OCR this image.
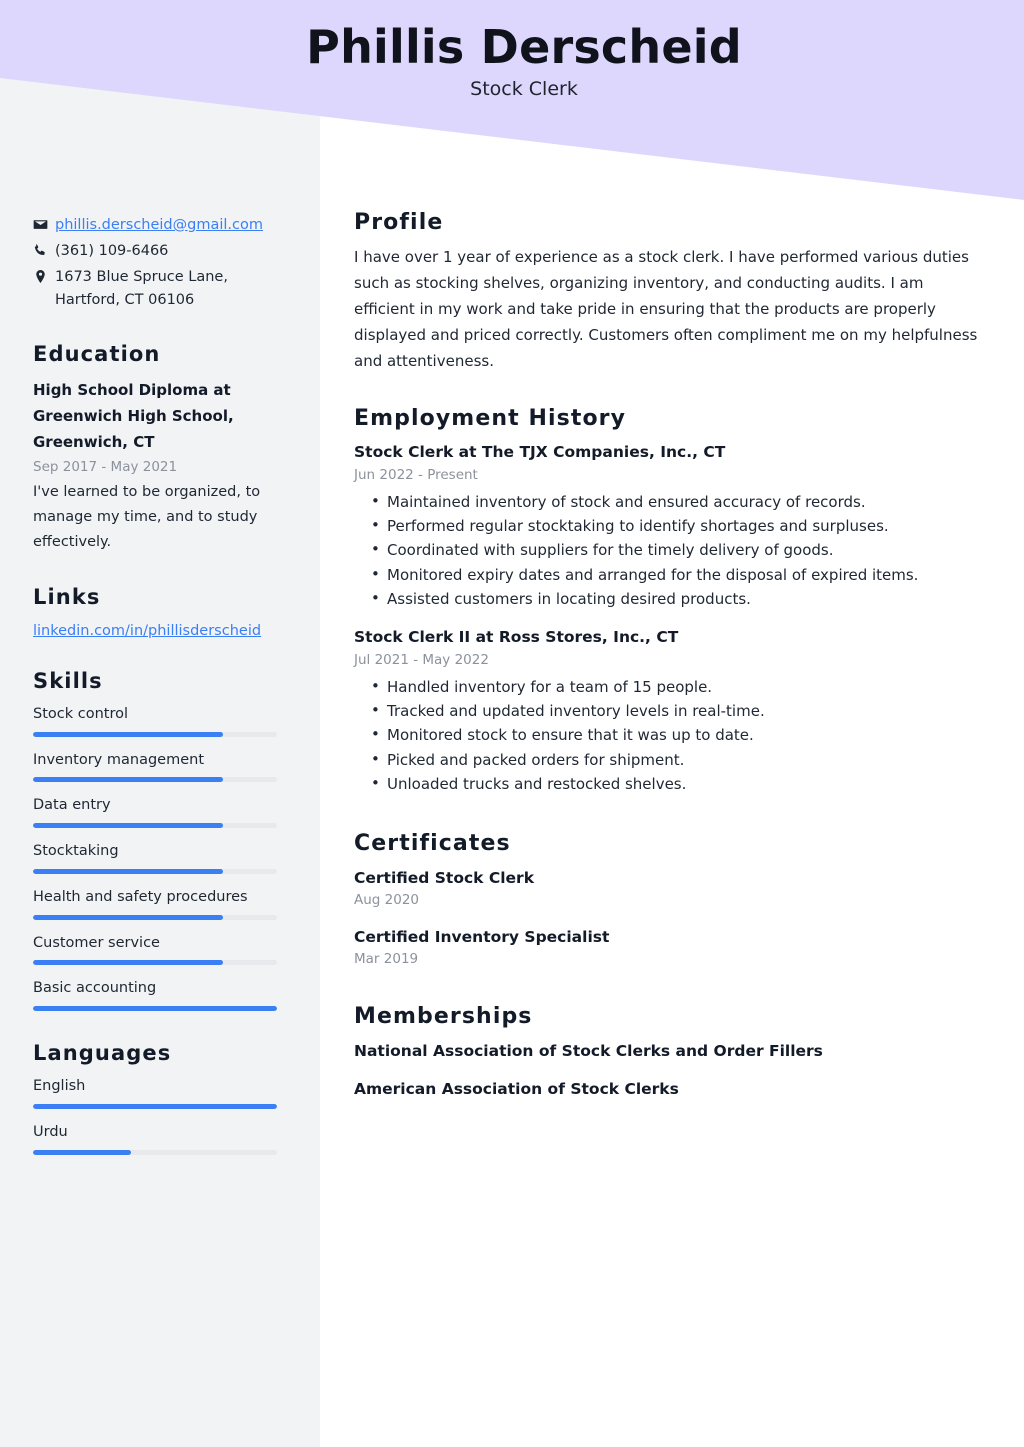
Phillis Derscheid
Stock Clerk
phillis.derscheid@gmail.com
(361) 109-6466
1673 Blue Spruce Lane,
Hartford, CT 06106
Education
High School Diploma at Greenwich High School, Greenwich, CT
Sep 2017 - May 2021
I've learned to be organized, to manage my time, and to study effectively.
Links
linkedin.com/in/phillisderscheid
Skills
Stock control
Inventory management
Data entry
Stocktaking
Health and safety procedures
Customer service
Basic accounting
Languages
English
Urdu
Profile
I have over 1 year of experience as a stock clerk. I have performed various duties such as stocking shelves, organizing inventory, and conducting audits. I am efficient in my work and take pride in ensuring that the products are properly displayed and priced correctly. Customers often compliment me on my helpfulness and attentiveness.
Employment History
Stock Clerk at The TJX Companies, Inc., CT
Jun 2022 - Present
• Maintained inventory of stock and ensured accuracy of records.
• Performed regular stocktaking to identify shortages and surpluses.
• Coordinated with suppliers for the timely delivery of goods.
• Monitored expiry dates and arranged for the disposal of expired items.
• Assisted customers in locating desired products.
Stock Clerk II at Ross Stores, Inc., CT
Jul 2021 - May 2022
• Handled inventory for a team of 15 people.
• Tracked and updated inventory levels in real-time.
• Monitored stock to ensure that it was up to date.
• Picked and packed orders for shipment.
• Unloaded trucks and restocked shelves.
Certificates
Certified Stock Clerk
Aug 2020
Certified Inventory Specialist
Mar 2019
Memberships
National Association of Stock Clerks and Order Fillers
American Association of Stock Clerks
